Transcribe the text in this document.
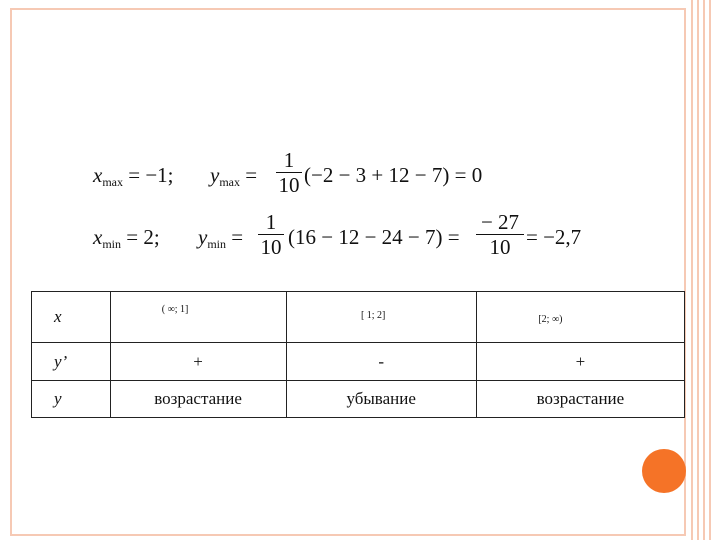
$x_{max} = -1$; $y_{max}$ =
1
10 (−2 − 3 + 12 − 7) = 0
$x_{min} = 2$; $y_{min}$ =
1
10 (16 − 12 − 24 − 7) =
− 27
10 = −2,7
x	( ∞; 1]	[ 1; 2]	[2; ∞)
y’	+	-	+
y	возрастание	убывание	возрастание
